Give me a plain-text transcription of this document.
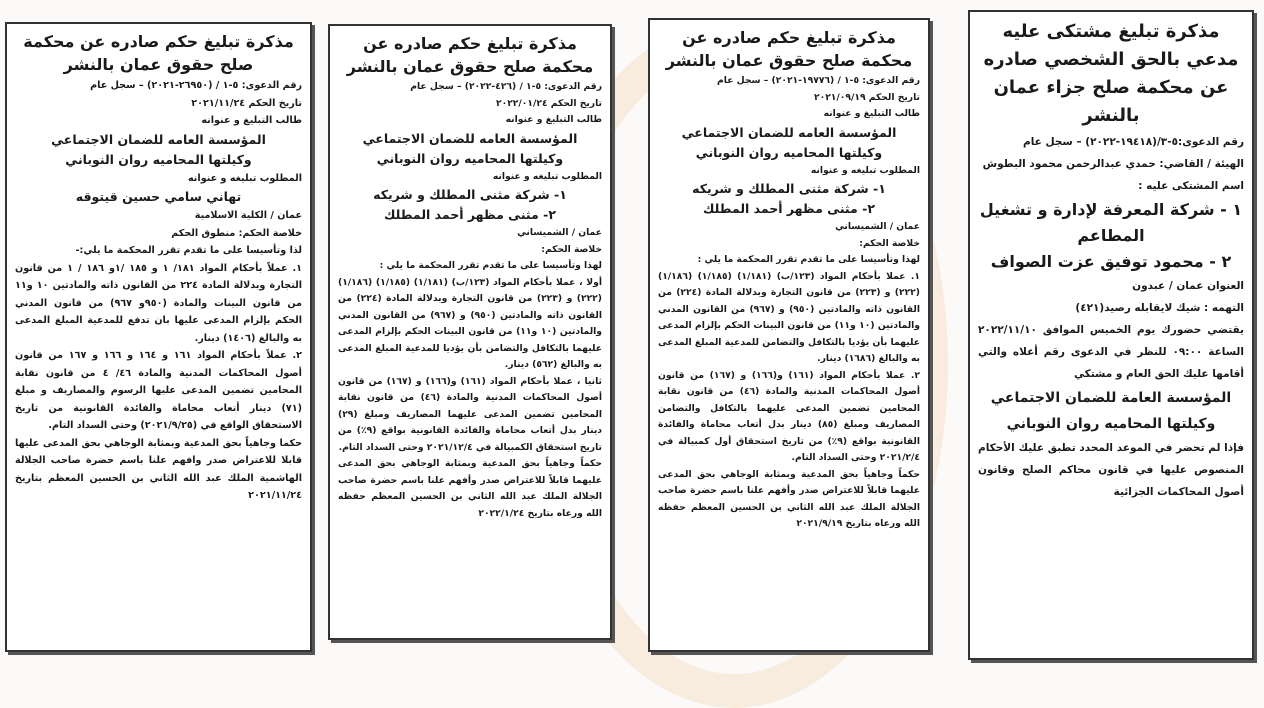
مذكرة تبليغ مشتكى عليه مدعي بالحق الشخصي صادره عن محكمة صلح جزاء عمان بالنشر

رقم الدعوى:٥-٣/(١٩٤١٨-٢٠٢٢) – سجل عام

الهيئة / القاضي: حمدي عبدالرحمن محمود البطوش

اسم المشتكى عليه :

١ - شركة المعرفة لإدارة و تشغيل المطاعم

٢ - محمود توفيق عزت الصواف

العنوان عمان / عبدون

التهمه : شيك لايقابله رصيد(٤٢١)

يقتضي حضورك يوم الخميس الموافق ٢٠٢٢/١١/١٠ الساعة ٠٩:٠٠ للنظر في الدعوى رقم أعلاه والتي أقامها عليك الحق العام و مشتكي

المؤسسة العامة للضمان الاجتماعي

وكيلتها المحاميه روان النوباني

فإذا لم تحضر في الموعد المحدد تطبق عليك الأحكام المنصوص عليها في قانون محاكم الصلح وقانون أصول المحاكمات الجزائية

مذكرة تبليغ حكم صادره عن محكمة صلح حقوق عمان بالنشر

رقم الدعوى: ٥-١ / (١٩٧٧٦-٢٠٢١) – سجل عام

تاريخ الحكم ٢٠٢١/٠٩/١٩

طالب التبليغ و عنوانه

المؤسسة العامه للضمان الاجتماعي

وكيلتها المحاميه روان النوباني

المطلوب تبليغه و عنوانه

١- شركة مثنى المطلك و شريكه

٢- مثنى مظهر أحمد المطلك

عمان / الشميساني

خلاصة الحكم:

لهذا وتأسيسا على ما تقدم تقرر المحكمة ما يلي :

١. عملا بأحكام المواد (١٢٣/ب) (١/١٨١) (١/١٨٥) (١/١٨٦) (٢٢٢) و (٢٢٣) من قانون التجارة وبدلالة المادة (٢٢٤) من القانون ذاته والمادتين (٩٥٠) و (٩٦٧) من القانون المدني والمادتين (١٠ و١١) من قانون البينات الحكم بإلزام المدعى عليهما بأن يؤديا بالتكافل والتضامن للمدعية المبلغ المدعى به والبالغ (١٦٨٦) دينار.

٢. عملا بأحكام المواد (١٦١) و(١٦٦) و (١٦٧) من قانون أصول المحاكمات المدنية والمادة (٤٦) من قانون نقابة المحامين تضمين المدعى عليهما بالتكافل والتضامن المصاريف ومبلغ (٨٥) دينار بدل أتعاب محاماة والفائدة القانونية بواقع (٩٪) من تاريخ استحقاق أول كمبيالة في ٢٠٢١/٢/٤ وحتى السداد التام.

حكماً وجاهياً بحق المدعية وبمثابة الوجاهي بحق المدعى عليهما قابلاً للاعتراض صدر وأفهم علنا باسم حضرة صاحب الجلالة الملك عبد الله الثاني بن الحسين المعظم حفظه الله ورعاه بتاريخ ٢٠٢١/٩/١٩

مذكرة تبليغ حكم صادره عن محكمة صلح حقوق عمان بالنشر

رقم الدعوى: ٥-١ / (٤٢٦-٢٠٢٢) – سجل عام

تاريخ الحكم ٢٠٢٢/٠١/٢٤

طالب التبليغ و عنوانه

المؤسسة العامه للضمان الاجتماعي

وكيلتها المحاميه روان النوباني

المطلوب تبليغه و عنوانه

١- شركة مثنى المطلك و شريكه

٢- مثنى مظهر أحمد المطلك

عمان / الشميساني

خلاصة الحكم:

لهذا وتأسيسا على ما تقدم تقرر المحكمة ما يلي :

أولا ، عملا بأحكام المواد (١٢٣/ب) (١/١٨١) (١/١٨٥) (١/١٨٦) (٢٢٢) و (٢٢٣) من قانون التجارة وبدلالة المادة (٢٢٤) من القانون ذاته والمادتين (٩٥٠) و (٩٦٧) من القانون المدني والمادتين (١٠ و١١) من قانون البينات الحكم بإلزام المدعى عليهما بالتكافل والتضامن بأن يؤديا للمدعية المبلغ المدعى به والبالغ (٥٦٢) دينار.

ثانيا ، عملا بأحكام المواد (١٦١) و(١٦٦) و (١٦٧) من قانون أصول المحاكمات المدنية والمادة (٤٦) من قانون نقابة المحامين تضمين المدعى عليهما المصاريف ومبلغ (٢٩) دينار بدل أتعاب محاماة والفائدة القانونية بواقع (٩٪) من تاريخ استحقاق الكمبيالة في ٢٠٢١/١٢/٤ وحتى السداد التام.

حكماً وجاهياً بحق المدعية وبمثابة الوجاهي بحق المدعى عليهما قابلاً للاعتراض صدر وأفهم علنا باسم حضرة صاحب الجلالة الملك عبد الله الثاني بن الحسين المعظم حفظه الله ورعاه بتاريخ ٢٠٢٢/١/٢٤

مذكرة تبليغ حكم صادره عن محكمة صلح حقوق عمان بالنشر

رقم الدعوى: ٥-١ / (٢٦٩٥٠-٢٠٢١) – سجل عام

تاريخ الحكم ٢٠٢١/١١/٢٤

طالب التبليغ و عنوانه

المؤسسة العامه للضمان الاجتماعي

وكيلتها المحاميه روان النوباني

المطلوب تبليغه و عنوانه

تهاني سامي حسين قيتوقه

عمان / الكلية الاسلامية

خلاصة الحكم: منطوق الحكم

لذا وتأسيسا على ما تقدم تقرر المحكمة ما يلي:-

١. عملاً بأحكام المواد ١٨١/ ١ و ١٨٥ /١و ١٨٦ / ١ من قانون التجارة وبدلالة المادة ٢٢٤ من القانون ذاته والمادتين ١٠ و١١ من قانون البينات والمادة (٩٥٠و ٩٦٧) من قانون المدني الحكم بإلزام المدعى عليها بان تدفع للمدعية المبلغ المدعى به والبالغ (١٤٠٦) دينار.

٢. عملاً بأحكام المواد ١٦١ و ١٦٤ و ١٦٦ و ١٦٧ من قانون أصول المحاكمات المدنية والمادة ٤٦/ ٤ من قانون نقابة المحامين تضمين المدعى عليها الرسوم والمصاريف و مبلغ (٧١) دينار أتعاب محاماة والفائدة القانونية من تاريخ الاستحقاق الواقع في (٢٠٢١/٩/٢٥) وحتى السداد التام.

حكما وجاهياً بحق المدعية وبمثابة الوجاهي بحق المدعى عليها قابلا للاعتراض صدر وافهم علنا باسم حضرة صاحب الجلالة الهاشمية الملك عبد الله الثاني بن الحسين المعظم بتاريخ ٢٠٢١/١١/٢٤
